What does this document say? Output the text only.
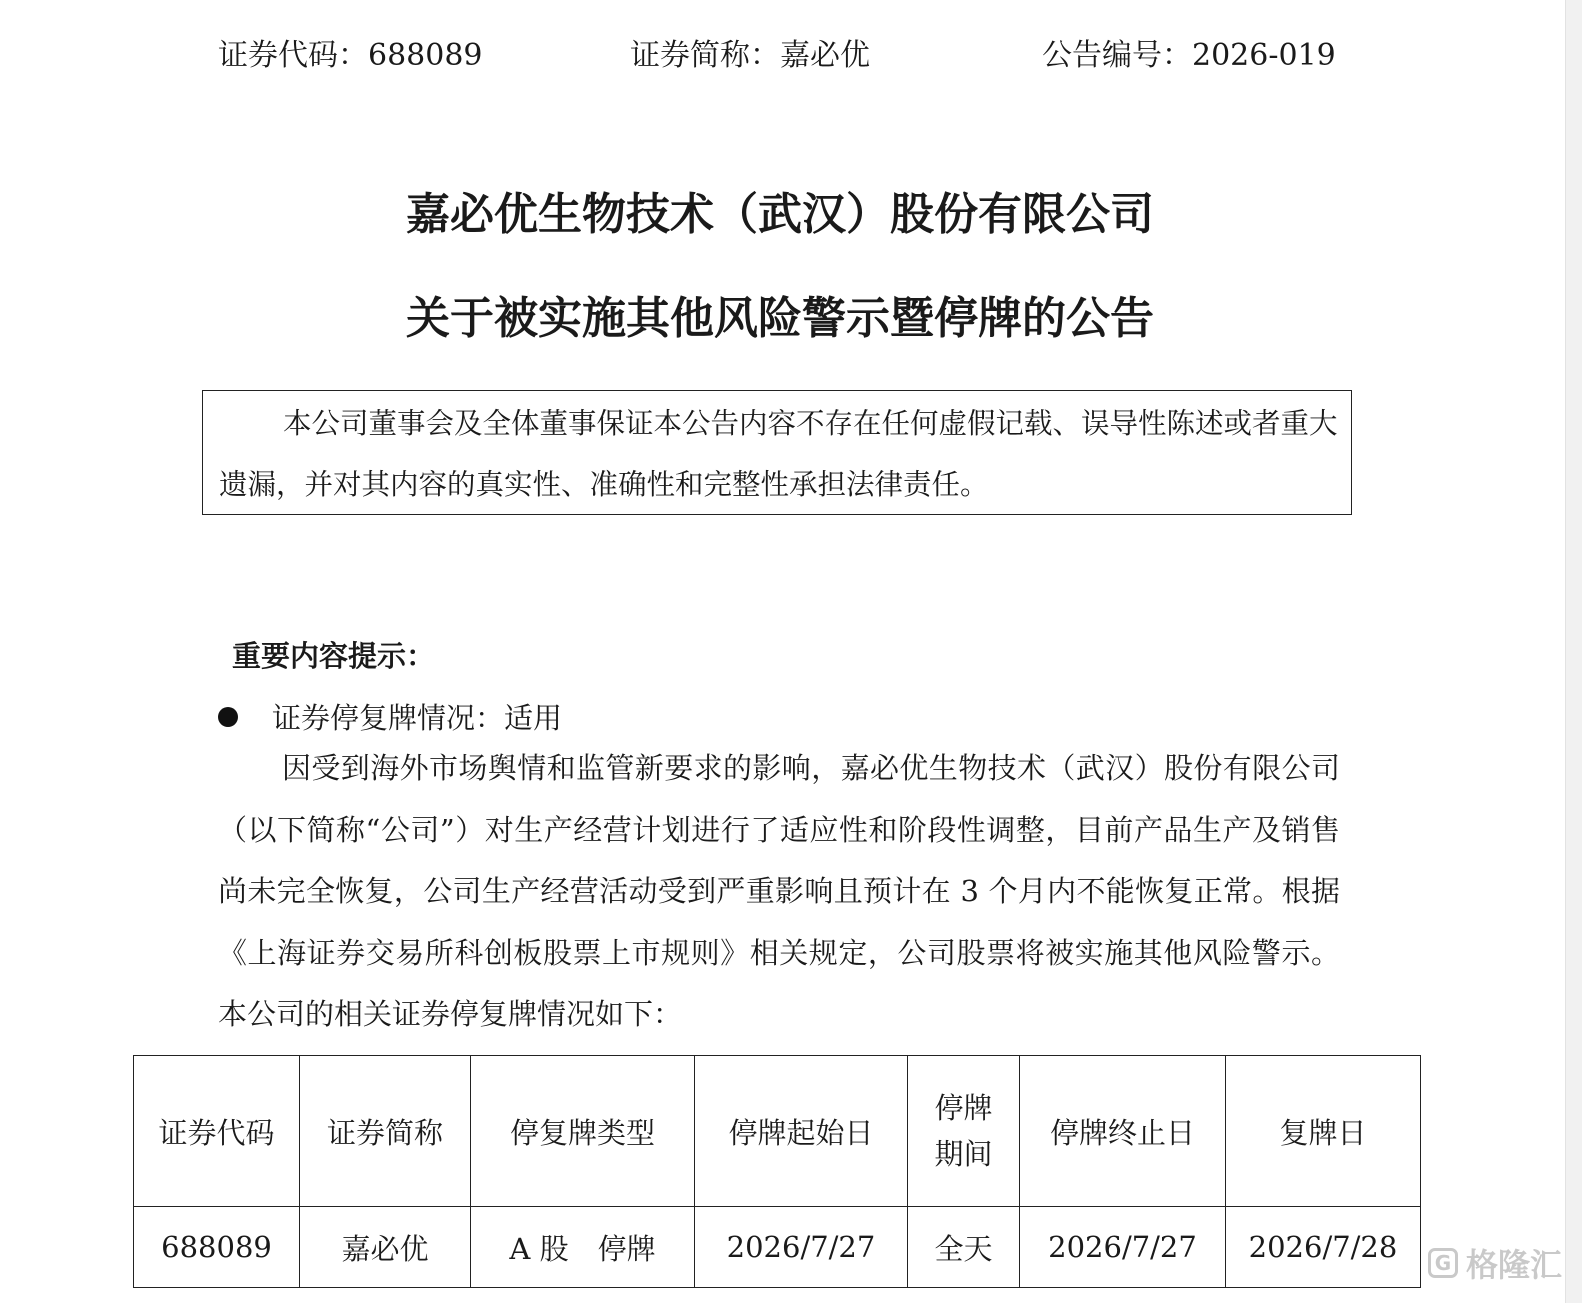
证券代码：688089	证券简称：嘉必优	公告编号：2026-019
嘉必优生物技术（武汉）股份有限公司
关于被实施其他风险警示暨停牌的公告
本公司董事会及全体董事保证本公告内容不存在任何虚假记载、误导性陈述或者重大遗漏，并对其内容的真实性、准确性和完整性承担法律责任。
重要内容提示：
证券停复牌情况：适用
因受到海外市场舆情和监管新要求的影响，嘉必优生物技术（武汉）股份有限公司（以下简称“公司”）对生产经营计划进行了适应性和阶段性调整，目前产品生产及销售尚未完全恢复，公司生产经营活动受到严重影响且预计在 3 个月内不能恢复正常。根据《上海证券交易所科创板股票上市规则》相关规定，公司股票将被实施其他风险警示。本公司的相关证券停复牌情况如下：
证券代码	证券简称	停复牌类型	停牌起始日	停牌期间	停牌终止日	复牌日
688089	嘉必优	A 股　停牌	2026/7/27	全天	2026/7/27	2026/7/28	G 格隆汇
